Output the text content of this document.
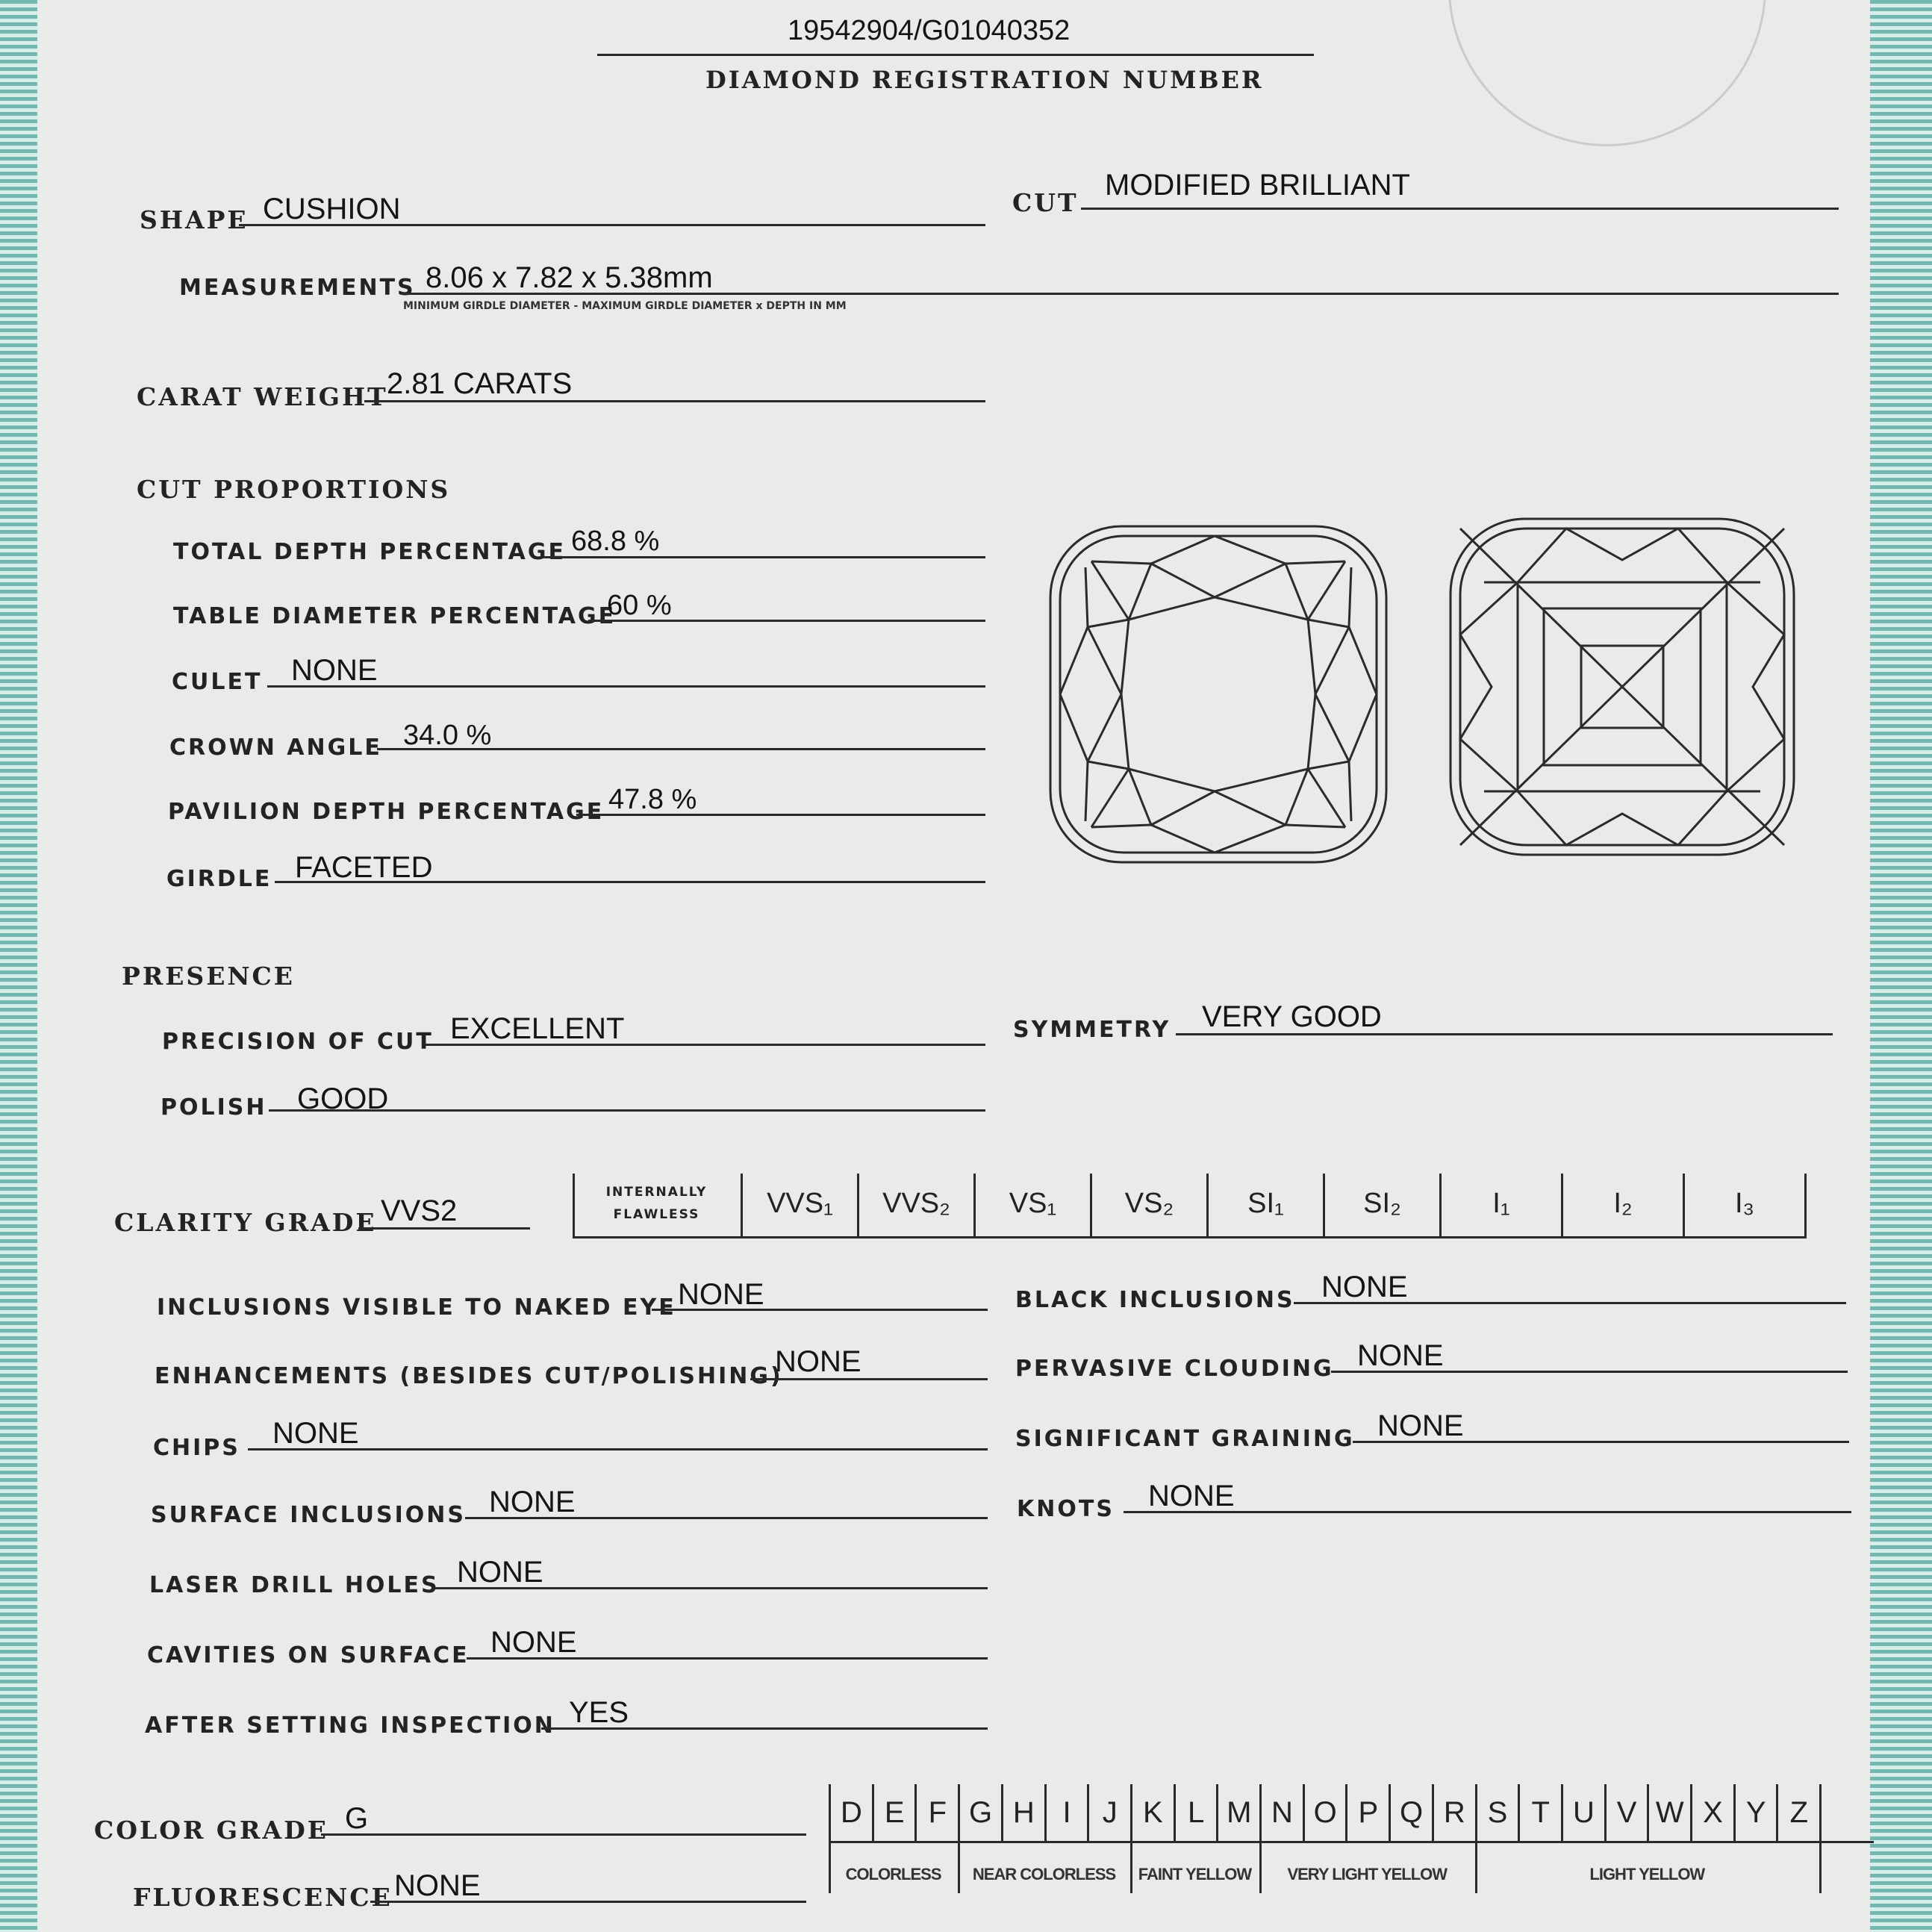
19542904/G01040352
DIAMOND REGISTRATION NUMBER
SHAPE CUSHION	CUT
MODIFIED BRILLIANT
MEASUREMENTS 8.06 x 7.82 x 5.38mm
MINIMUM GIRDLE DIAMETER - MAXIMUM GIRDLE DIAMETER x DEPTH IN MM
CARAT WEIGHT
2.81 CARATS
CUT PROPORTIONS
TOTAL DEPTH PERCENTAGE 68.8 %
TABLE DIAMETER PERCENTAGE
60 %
CULET NONE
CROWN ANGLE 34.0 %
PAVILION DEPTH PERCENTAGE 47.8 %
GIRDLE FACETED
PRESENCE
PRECISION OF CUT EXCELLENT	SYMMETRY VERY GOOD
POLISH GOOD
CLARITY GRADE VVS2
INTERNALLY
FLAWLESS	VVS₁	VVS₂	VS₁	VS₂	SI₁	SI₂	I₁	I₂	I₃
INCLUSIONS VISIBLE TO NAKED EYE NONE
ENHANCEMENTS (BESIDES CUT/POLISHING)
NONE
CHIPS NONE
SURFACE INCLUSIONS NONE
LASER DRILL HOLES NONE
CAVITIES ON SURFACE NONE
AFTER SETTING INSPECTION YES
BLACK INCLUSIONS NONE
PERVASIVE CLOUDING NONE
SIGNIFICANT GRAINING NONE
KNOTS NONE
COLOR GRADE G	D E F G H I	J K L M N O P Q R S T U V W X Y Z
COLORLESS	NEAR COLORLESS	FAINT YELLOW	VERY LIGHT YELLOW	LIGHT YELLOW
FLUORESCENCE NONE
